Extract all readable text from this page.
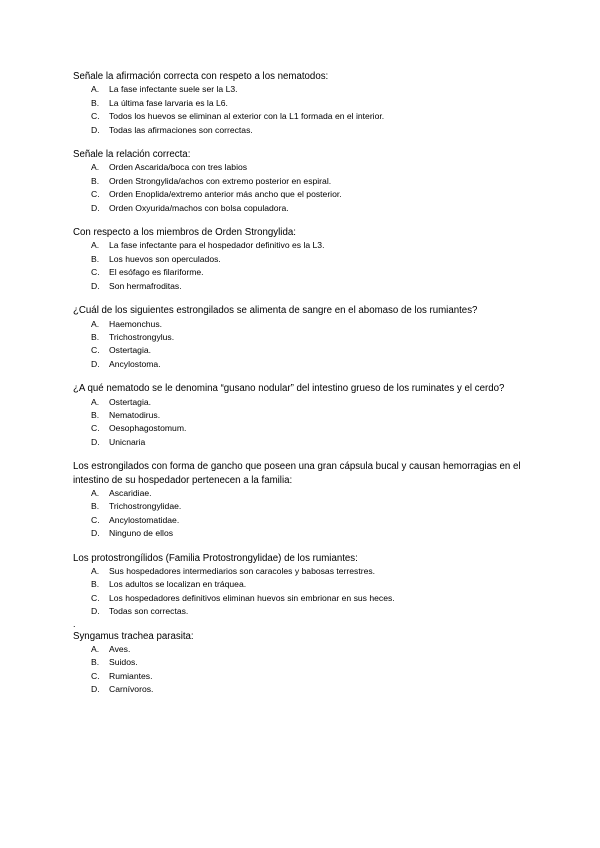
Señale la afirmación correcta con respeto a los nematodos:

A.	La fase infectante suele ser la L3.
B.	La última fase larvaria es la L6.
C.	Todos los huevos se eliminan al exterior con la L1 formada en el interior.
D.	Todas las afirmaciones son correctas.

Señale la relación correcta:

A.	Orden Ascarida/boca con tres labios
B.	Orden Strongylida/achos con extremo posterior en espiral.
C.	Orden Enoplida/extremo anterior más ancho que el posterior.
D.	Orden Oxyurida/machos con bolsa copuladora.

Con respecto a los miembros de Orden Strongylida:

A.	La fase infectante para el hospedador definitivo es la L3.
B.	Los huevos son operculados.
C.	El esófago es filariforme.
D.	Son hermafroditas.

¿Cuál de los siguientes estrongilados se alimenta de sangre en el abomaso de los rumiantes?

A.	Haemonchus.
B.	Trichostrongylus.
C.	Ostertagia.
D.	Ancylostoma.

¿A qué nematodo se le denomina “gusano nodular” del intestino grueso de los ruminates y el cerdo?

A.	Ostertagia.
B.	Nematodirus.
C.	Oesophagostomum.
D.	Unicnaria

Los estrongilados con forma de gancho que poseen una gran cápsula bucal y causan hemorragias en el intestino de su hospedador pertenecen a la familia:

A.	Ascaridiae.
B.	Trichostrongylidae.
C.	Ancylostomatidae.
D.	Ninguno de ellos

Los protostrongílidos (Familia Protostrongylidae) de los rumiantes:

A.	Sus hospedadores intermediarios son caracoles y babosas terrestres.
B.	Los adultos se localizan en tráquea.
C.	Los hospedadores definitivos eliminan huevos sin embrionar en sus heces.
D.	Todas son correctas.
.

Syngamus trachea parasita:

A.	Aves.
B.	Suidos.
C.	Rumiantes.
D.	Carnívoros.
